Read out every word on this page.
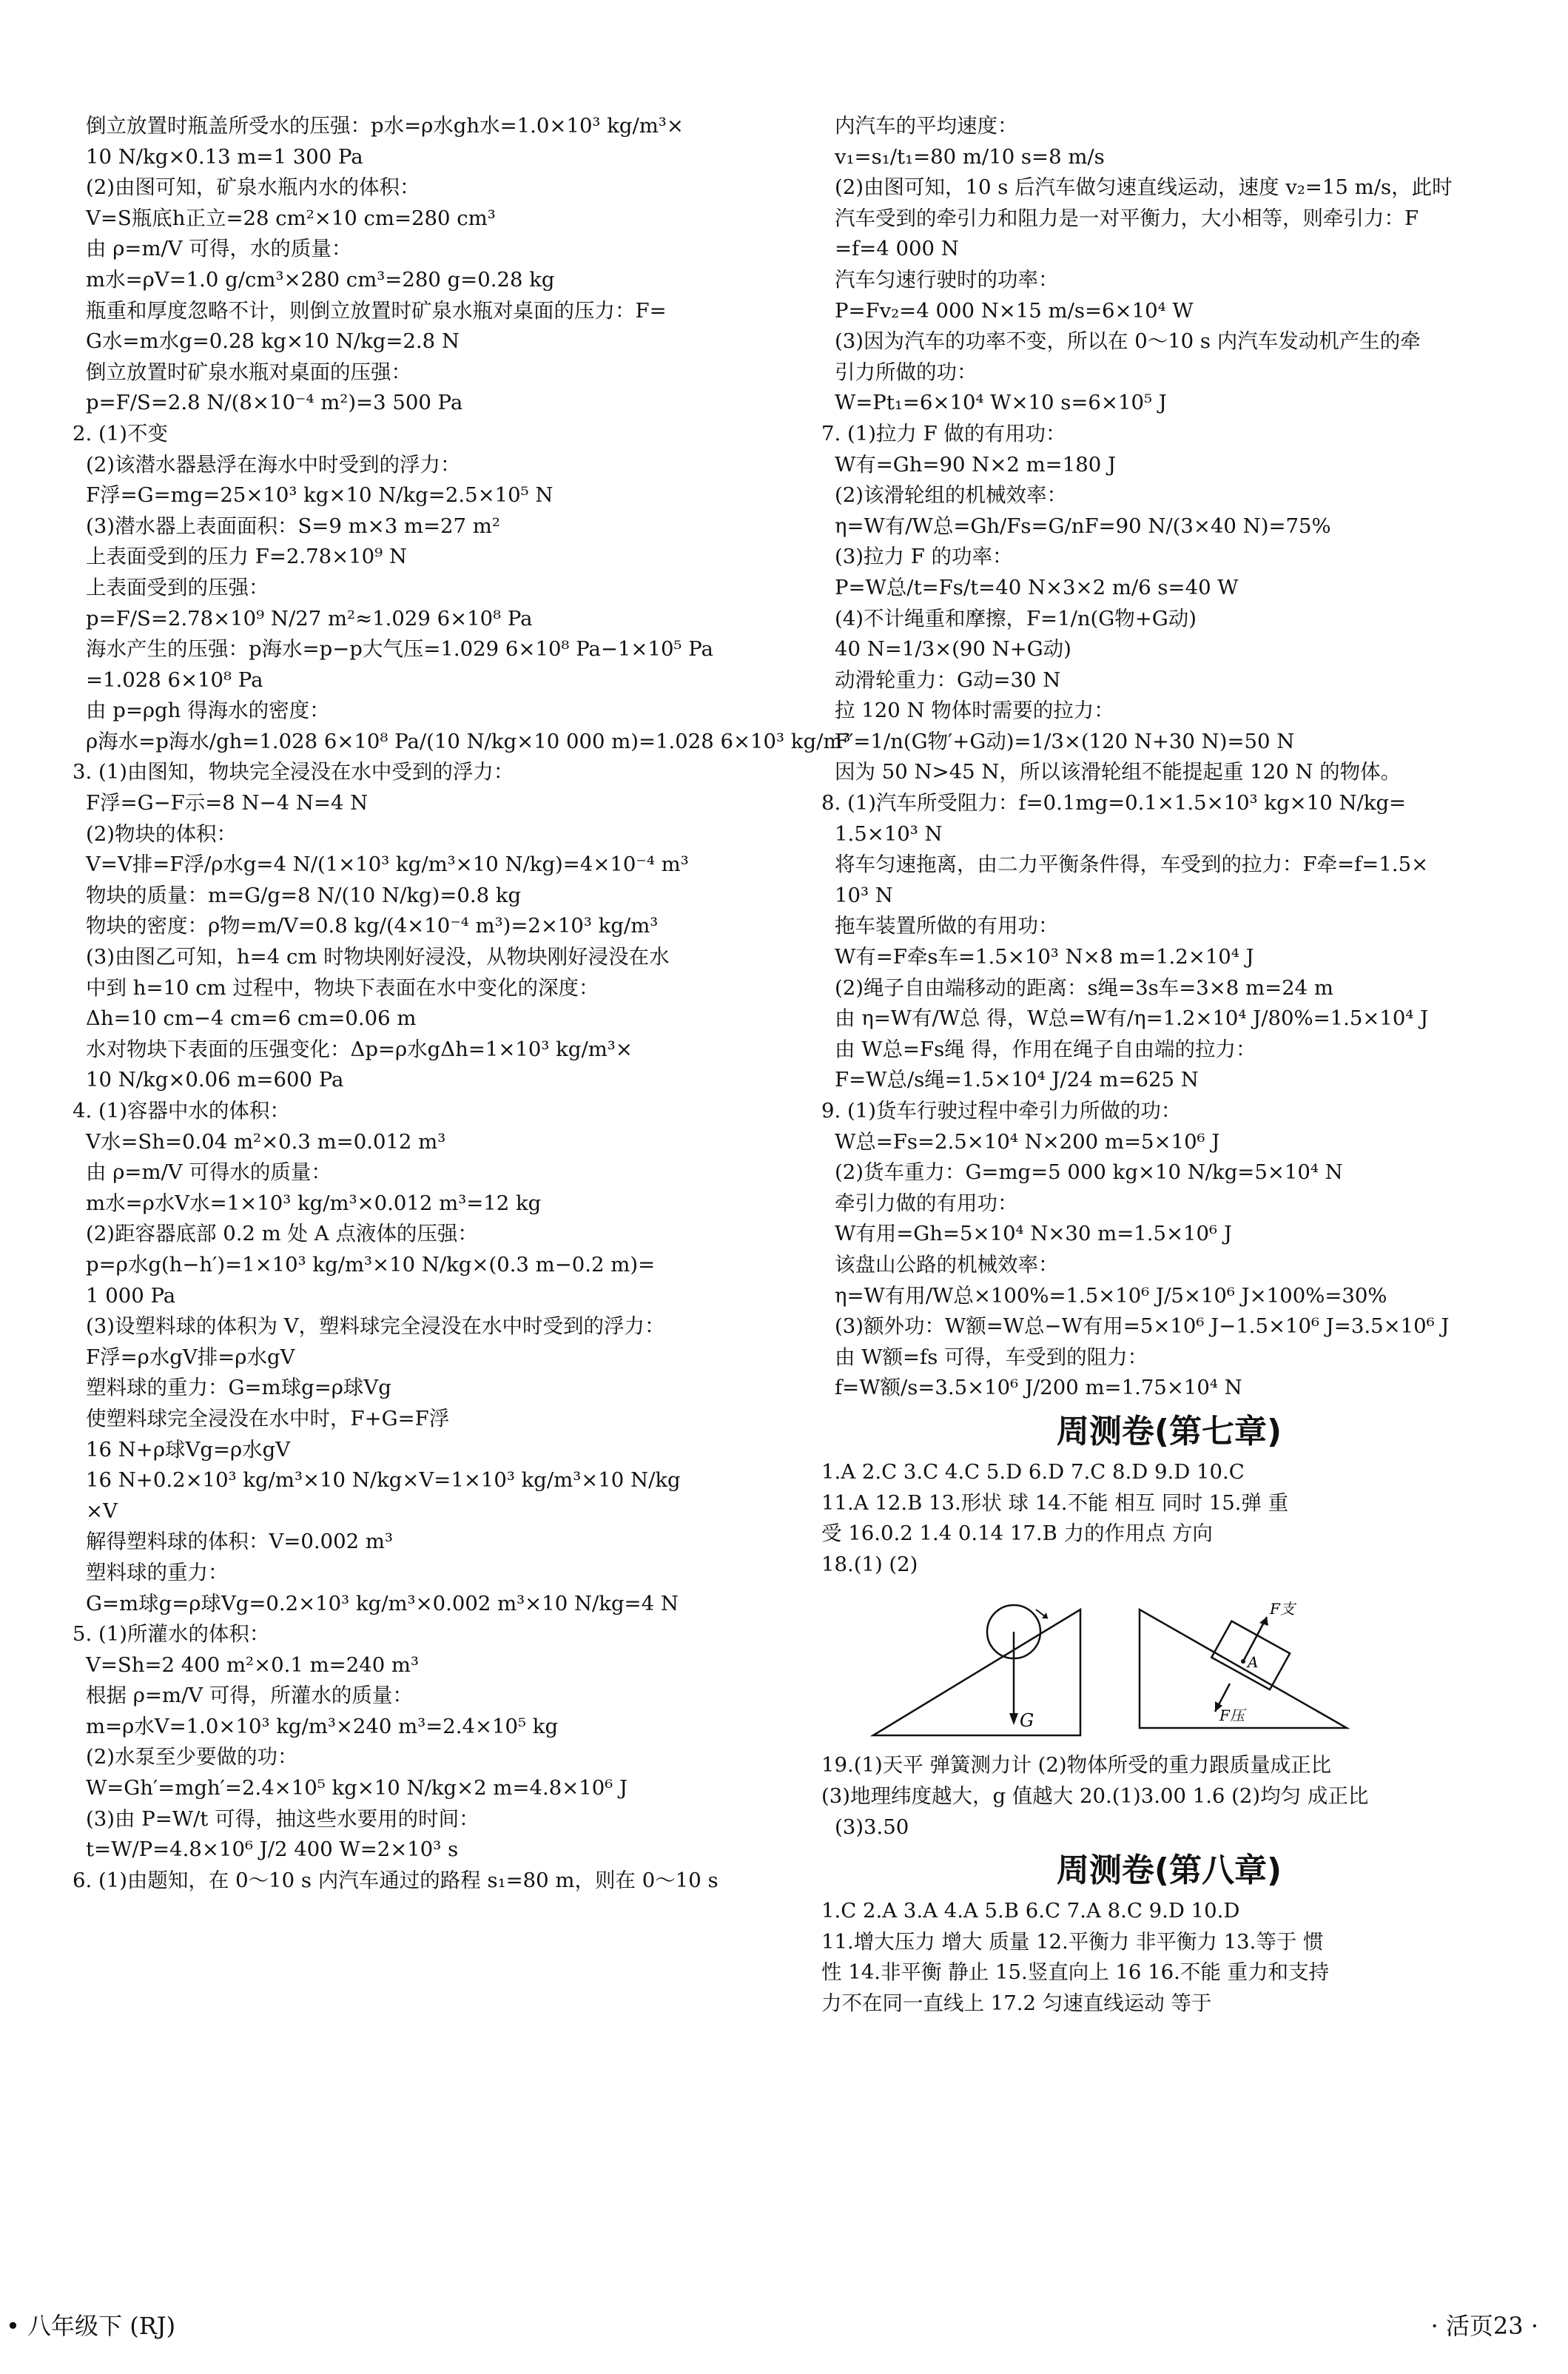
倒立放置时瓶盖所受水的压强：p水=ρ水gh水=1.0×10³ kg/m³×
10 N/kg×0.13 m=1 300 Pa
(2)由图可知，矿泉水瓶内水的体积：
V=S瓶底h正立=28 cm²×10 cm=280 cm³
由 ρ=m/V 可得，水的质量：
m水=ρV=1.0 g/cm³×280 cm³=280 g=0.28 kg
瓶重和厚度忽略不计，则倒立放置时矿泉水瓶对桌面的压力：F=
G水=m水g=0.28 kg×10 N/kg=2.8 N
倒立放置时矿泉水瓶对桌面的压强：
p=F/S=2.8 N/(8×10⁻⁴ m²)=3 500 Pa
2. (1)不变
(2)该潜水器悬浮在海水中时受到的浮力：
F浮=G=mg=25×10³ kg×10 N/kg=2.5×10⁵ N
(3)潜水器上表面面积：S=9 m×3 m=27 m²
上表面受到的压力 F=2.78×10⁹ N
上表面受到的压强：
p=F/S=2.78×10⁹ N/27 m²≈1.029 6×10⁸ Pa
海水产生的压强：p海水=p−p大气压=1.029 6×10⁸ Pa−1×10⁵ Pa
=1.028 6×10⁸ Pa
由 p=ρgh 得海水的密度：
ρ海水=p海水/gh=1.028 6×10⁸ Pa/(10 N/kg×10 000 m)=1.028 6×10³ kg/m³
3. (1)由图知，物块完全浸没在水中受到的浮力：
F浮=G−F示=8 N−4 N=4 N
(2)物块的体积：
V=V排=F浮/ρ水g=4 N/(1×10³ kg/m³×10 N/kg)=4×10⁻⁴ m³
物块的质量：m=G/g=8 N/(10 N/kg)=0.8 kg
物块的密度：ρ物=m/V=0.8 kg/(4×10⁻⁴ m³)=2×10³ kg/m³
(3)由图乙可知，h=4 cm 时物块刚好浸没，从物块刚好浸没在水
中到 h=10 cm 过程中，物块下表面在水中变化的深度：
Δh=10 cm−4 cm=6 cm=0.06 m
水对物块下表面的压强变化：Δp=ρ水gΔh=1×10³ kg/m³×
10 N/kg×0.06 m=600 Pa
4. (1)容器中水的体积：
V水=Sh=0.04 m²×0.3 m=0.012 m³
由 ρ=m/V 可得水的质量：
m水=ρ水V水=1×10³ kg/m³×0.012 m³=12 kg
(2)距容器底部 0.2 m 处 A 点液体的压强：
p=ρ水g(h−h′)=1×10³ kg/m³×10 N/kg×(0.3 m−0.2 m)=
1 000 Pa
(3)设塑料球的体积为 V，塑料球完全浸没在水中时受到的浮力：
F浮=ρ水gV排=ρ水gV
塑料球的重力：G=m球g=ρ球Vg
使塑料球完全浸没在水中时，F+G=F浮
16 N+ρ球Vg=ρ水gV
16 N+0.2×10³ kg/m³×10 N/kg×V=1×10³ kg/m³×10 N/kg
×V
解得塑料球的体积：V=0.002 m³
塑料球的重力：
G=m球g=ρ球Vg=0.2×10³ kg/m³×0.002 m³×10 N/kg=4 N
5. (1)所灌水的体积：
V=Sh=2 400 m²×0.1 m=240 m³
根据 ρ=m/V 可得，所灌水的质量：
m=ρ水V=1.0×10³ kg/m³×240 m³=2.4×10⁵ kg
(2)水泵至少要做的功：
W=Gh′=mgh′=2.4×10⁵ kg×10 N/kg×2 m=4.8×10⁶ J
(3)由 P=W/t 可得，抽这些水要用的时间：
t=W/P=4.8×10⁶ J/2 400 W=2×10³ s
6. (1)由题知，在 0～10 s 内汽车通过的路程 s₁=80 m，则在 0～10 s
内汽车的平均速度：
v₁=s₁/t₁=80 m/10 s=8 m/s
(2)由图可知，10 s 后汽车做匀速直线运动，速度 v₂=15 m/s，此时
汽车受到的牵引力和阻力是一对平衡力，大小相等，则牵引力：F
=f=4 000 N
汽车匀速行驶时的功率：
P=Fv₂=4 000 N×15 m/s=6×10⁴ W
(3)因为汽车的功率不变，所以在 0～10 s 内汽车发动机产生的牵
引力所做的功：
W=Pt₁=6×10⁴ W×10 s=6×10⁵ J
7. (1)拉力 F 做的有用功：
W有=Gh=90 N×2 m=180 J
(2)该滑轮组的机械效率：
η=W有/W总=Gh/Fs=G/nF=90 N/(3×40 N)=75%
(3)拉力 F 的功率：
P=W总/t=Fs/t=40 N×3×2 m/6 s=40 W
(4)不计绳重和摩擦，F=1/n(G物+G动)
40 N=1/3×(90 N+G动)
动滑轮重力：G动=30 N
拉 120 N 物体时需要的拉力：
F′=1/n(G物′+G动)=1/3×(120 N+30 N)=50 N
因为 50 N>45 N，所以该滑轮组不能提起重 120 N 的物体。
8. (1)汽车所受阻力：f=0.1mg=0.1×1.5×10³ kg×10 N/kg=
1.5×10³ N
将车匀速拖离，由二力平衡条件得，车受到的拉力：F牵=f=1.5×
10³ N
拖车装置所做的有用功：
W有=F牵s车=1.5×10³ N×8 m=1.2×10⁴ J
(2)绳子自由端移动的距离：s绳=3s车=3×8 m=24 m
由 η=W有/W总 得，W总=W有/η=1.2×10⁴ J/80%=1.5×10⁴ J
由 W总=Fs绳 得，作用在绳子自由端的拉力：
F=W总/s绳=1.5×10⁴ J/24 m=625 N
9. (1)货车行驶过程中牵引力所做的功：
W总=Fs=2.5×10⁴ N×200 m=5×10⁶ J
(2)货车重力：G=mg=5 000 kg×10 N/kg=5×10⁴ N
牵引力做的有用功：
W有用=Gh=5×10⁴ N×30 m=1.5×10⁶ J
该盘山公路的机械效率：
η=W有用/W总×100%=1.5×10⁶ J/5×10⁶ J×100%=30%
(3)额外功：W额=W总−W有用=5×10⁶ J−1.5×10⁶ J=3.5×10⁶ J
由 W额=fs 可得，车受到的阻力：
f=W额/s=3.5×10⁶ J/200 m=1.75×10⁴ N
周测卷(第七章)
1.A 2.C 3.C 4.C 5.D 6.D 7.C 8.D 9.D 10.C
11.A 12.B 13.形状 球 14.不能 相互 同时 15.弹 重
受 16.0.2 1.4 0.14 17.B 力的作用点 方向
18.(1) (2)
G
F支
A
F压
19.(1)天平 弹簧测力计 (2)物体所受的重力跟质量成正比
(3)地理纬度越大，g 值越大 20.(1)3.00 1.6 (2)均匀 成正比
(3)3.50
周测卷(第八章)
1.C 2.A 3.A 4.A 5.B 6.C 7.A 8.C 9.D 10.D
11.增大压力 增大 质量 12.平衡力 非平衡力 13.等于 惯
性 14.非平衡 静止 15.竖直向上 16 16.不能 重力和支持
力不在同一直线上 17.2 匀速直线运动 等于
• 八年级下 (RJ)	· 活页23 ·
